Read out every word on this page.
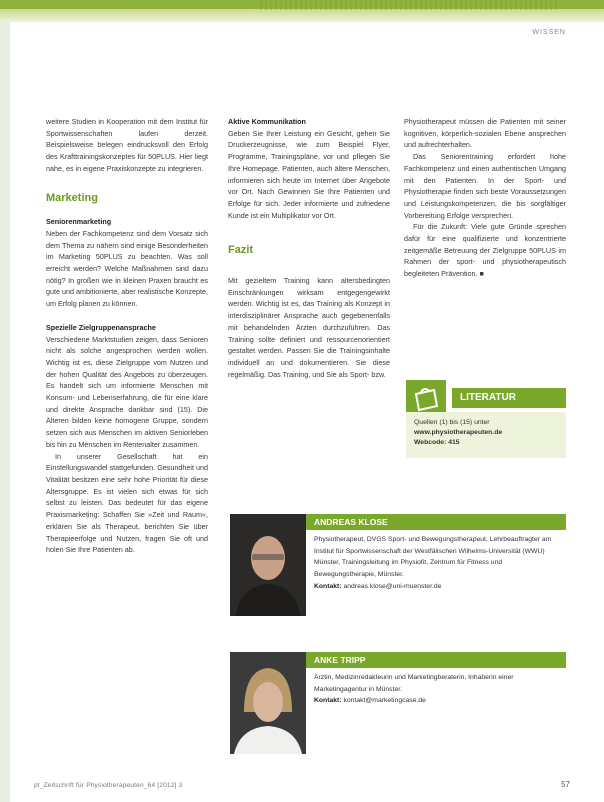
WISSEN

weitere Studien in Kooperation mit dem Institut für Sportwissenschaften laufen derzeit. Beispielsweise belegen eindrucksvoll den Erfolg des Krafttrainingskonzeptes für 50PLUS. Hier liegt nahe, es in eigene Praxiskonzepte zu integrieren.

Marketing
Seniorenmarketing

Neben der Fachkompetenz sind dem Vorsatz sich dem Thema zu nähern sind einige Besonderheiten im Marketing 50PLUS zu beachten. Was soll erreicht werden? Welche Maßnahmen sind dazu nötig? In großen wie in kleinen Praxen braucht es gute und ambitionierte, aber realistische Konzepte, um Erfolg planen zu können.

Spezielle Zielgruppenansprache

Verschiedene Marktstudien zeigen, dass Senioren nicht als solche angesprochen werden wollen. Wichtig ist es, diese Zielgruppe vom Nutzen und der hohen Qualität des Angebots zu überzeugen. Es handelt sich um informierte Menschen mit Konsum- und Lebenserfahrung, die für eine klare und direkte Ansprache dankbar sind (15). Die Älteren bilden keine homogene Gruppe, sondern setzen sich aus Menschen im aktiven Seniorleben bis hin zu Menschen im Rentenalter zusammen.

In unserer Gesellschaft hat ein Einstellungswandel stattgefunden. Gesundheit und Vitalität besitzen eine sehr hohe Priorität für diese Altersgruppe. Es ist vielen sich etwas für sich selbst zu leisten. Das bedeutet für das eigene Praxismarketing: Schaffen Sie »Zeit und Raum«, erklären Sie als Therapeut, berichten Sie über Therapieerfolge und Nutzen, fragen Sie oft und holen Sie Ihre Patienten ab.

Aktive Kommunikation

Geben Sie Ihrer Leistung ein Gesicht, gehen Sie Druckerzeugnisse, wie zum Beispiel Flyer, Programme, Trainingspläne, vor und pflegen Sie Ihre Homepage. Patienten, auch ältere Menschen, informieren sich heute im Internet über Angebote vor Ort. Nach Gewinnen Sie Ihre Patienten und Erfolge für sich. Jeder informierte und zufriedene Kunde ist ein Multiplikator vor Ort.

Fazit

Mit gezieltem Training kann altersbedingten Einschränkungen wirksam entgegengewirkt werden. Wichtig ist es, das Training als Konzept in interdisziplinärer Ansprache auch gegebenenfalls mit behandelnden Ärzten durchzuführen. Das Training sollte definiert und ressourcenorientiert gestaltet werden. Passen Sie die Trainingsinhalte individuell an und dokumentieren. Sie diese regelmäßig. Das Training, und Sie als Sport- bzw.

Physiotherapeut müssen die Patienten mit seiner kognitiven, körperlich-sozialen Ebene ansprechen und aufrechterhalten.

Das Seniorentraining erfordert hohe Fachkompetenz und einen authentischen Umgang mit den Patienten. In der Sport- und Physiotherapie finden sich beste Voraussetzungen und Leistungskompetenzen, die bis sorgfältiger Vorbereitung Erfolge versprechen.

Für die Zukunft: Viele gute Gründe sprechen dafür für eine qualifizierte und konzentrierte zeitgemäße Betreuung der Zielgruppe 50PLUS im Rahmen der sport- und physiotherapeutisch begleiteten Prävention. ■

LITERATUR
Quellen (1) bis (15) unter
www.physiotherapeuten.de
Webcode: 415
ANDREAS KLOSE
Physiotherapeut, DVGS Sport- und Bewegungstherapeut, Lehrbeauftragter am Institut für Sportwissenschaft der Westfälischen Wilhelms-Universität (WWU) Münster, Trainingsleitung im Physiofit, Zentrum für Fitness und Bewegungstherapie, Münster.
Kontakt: andreas.klose@uni-muenster.de
ANKE TRIPP
Ärztin, Medizinredakteurin und Marketingberaterin, Inhaberin einer Marketingagentur in Münster.
Kontakt: kontakt@marketingcase.de
pt_Zeitschrift für Physiotherapeuten_64 [2012] 3	57
